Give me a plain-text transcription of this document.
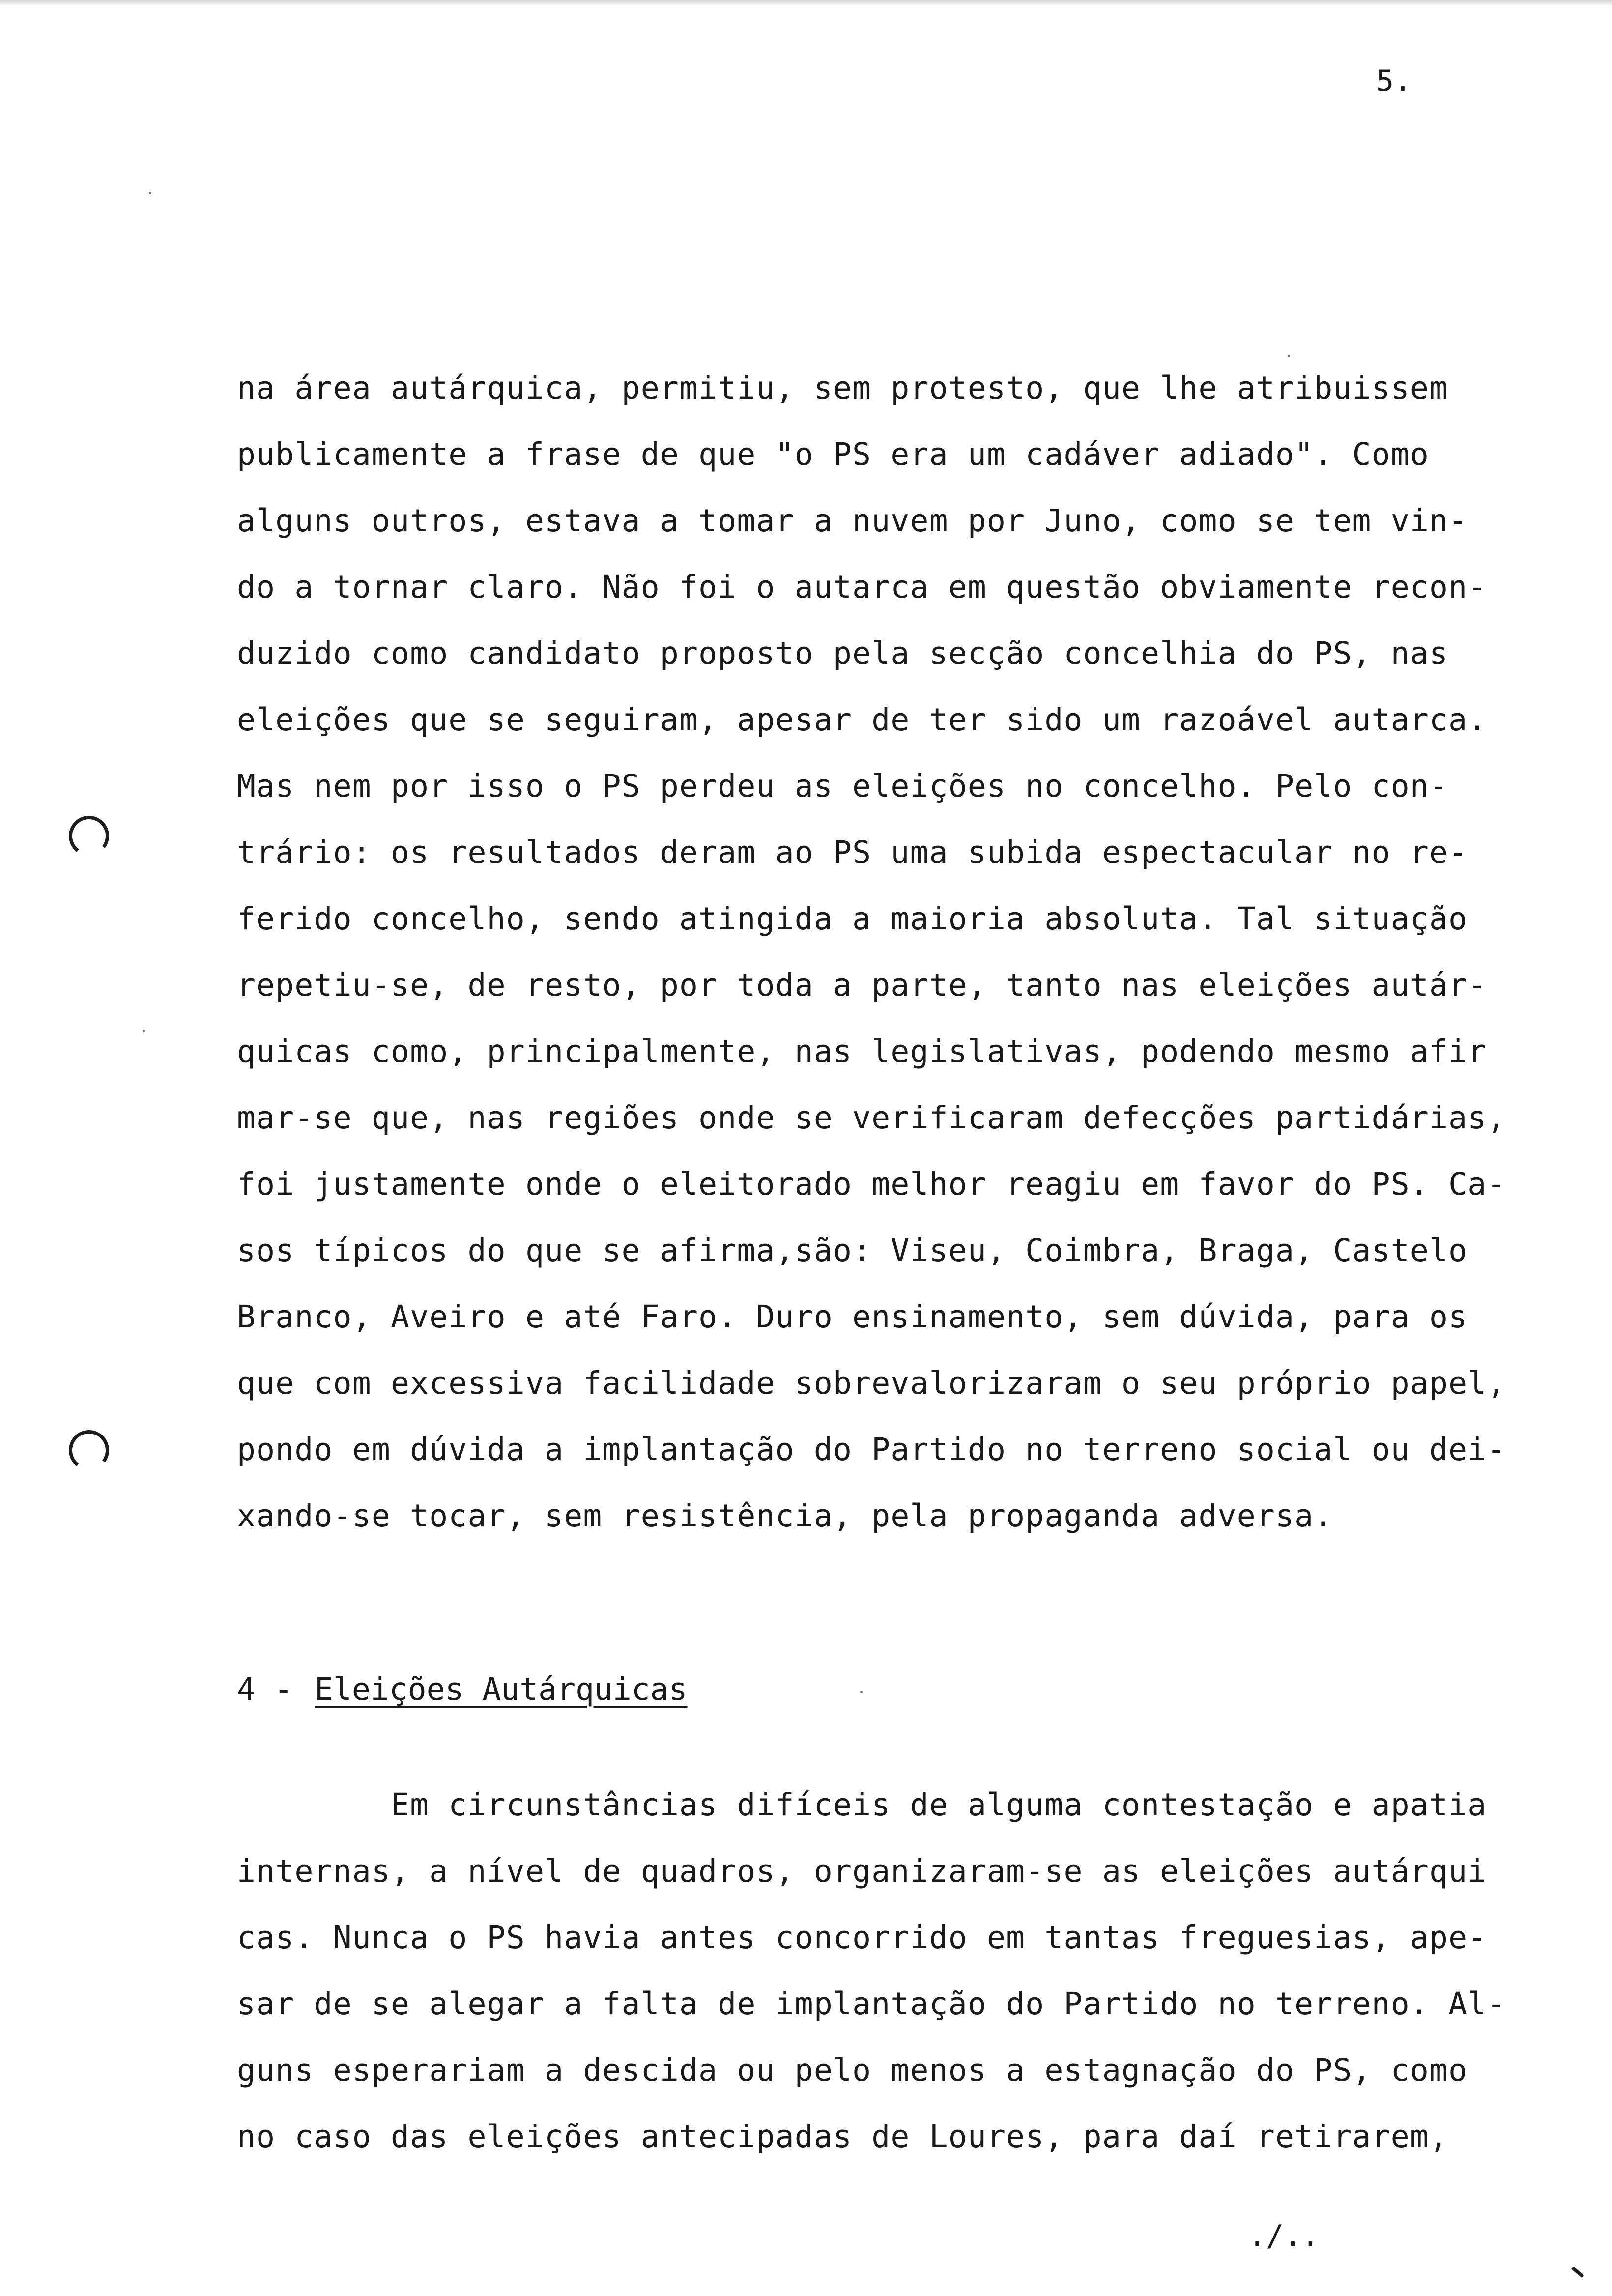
5.
na área autárquica, permitiu, sem protesto, que lhe atribuissem
publicamente a frase de que "o PS era um cadáver adiado". Como
alguns outros, estava a tomar a nuvem por Juno, como se tem vin-
do a tornar claro. Não foi o autarca em questão obviamente recon-
duzido como candidato proposto pela secção concelhia do PS, nas
eleições que se seguiram, apesar de ter sido um razoável autarca.
Mas nem por isso o PS perdeu as eleições no concelho. Pelo con-
trário: os resultados deram ao PS uma subida espectacular no re-
ferido concelho, sendo atingida a maioria absoluta. Tal situação
repetiu-se, de resto, por toda a parte, tanto nas eleições autár-
quicas como, principalmente, nas legislativas, podendo mesmo afir
mar-se que, nas regiões onde se verificaram defecções partidárias,
foi justamente onde o eleitorado melhor reagiu em favor do PS. Ca-
sos típicos do que se afirma,são: Viseu, Coimbra, Braga, Castelo
Branco, Aveiro e até Faro. Duro ensinamento, sem dúvida, para os
que com excessiva facilidade sobrevalorizaram o seu próprio papel,
pondo em dúvida a implantação do Partido no terreno social ou dei-
xando-se tocar, sem resistência, pela propaganda adversa.
4 - Eleições Autárquicas
Em circunstâncias difíceis de alguma contestação e apatia
internas, a nível de quadros, organizaram-se as eleições autárqui
cas. Nunca o PS havia antes concorrido em tantas freguesias, ape-
sar de se alegar a falta de implantação do Partido no terreno. Al-
guns esperariam a descida ou pelo menos a estagnação do PS, como
no caso das eleições antecipadas de Loures, para daí retirarem,
./..
